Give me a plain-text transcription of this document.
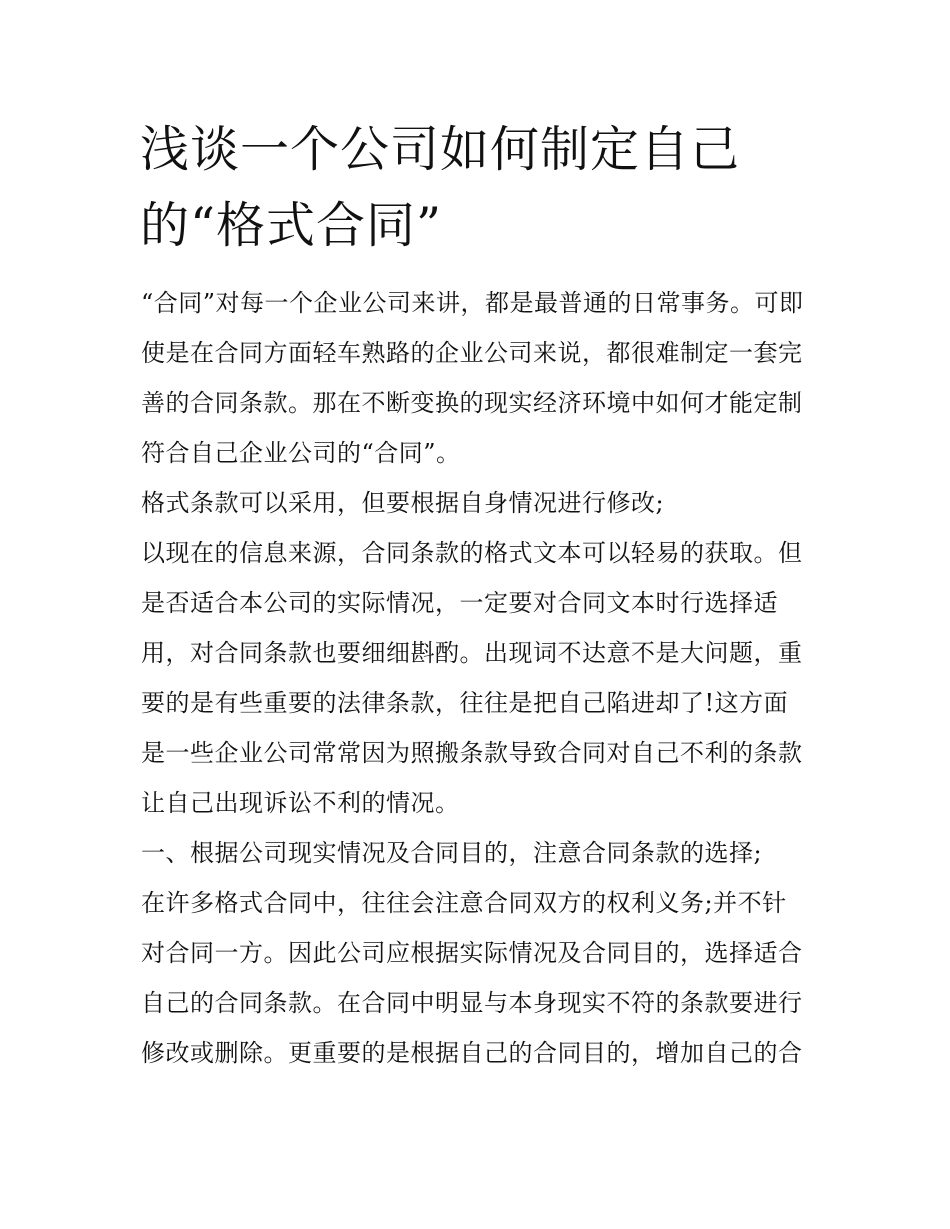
浅谈一个公司如何制定自己
的“格式合同”
“合同”对每一个企业公司来讲，都是最普通的日常事务。可即
使是在合同方面轻车熟路的企业公司来说，都很难制定一套完
善的合同条款。那在不断变换的现实经济环境中如何才能定制
符合自己企业公司的“合同”。
格式条款可以采用，但要根据自身情况进行修改;
以现在的信息来源，合同条款的格式文本可以轻易的获取。但
是否适合本公司的实际情况，一定要对合同文本时行选择适
用，对合同条款也要细细斟酌。出现词不达意不是大问题，重
要的是有些重要的法律条款，往往是把自己陷进却了!这方面
是一些企业公司常常因为照搬条款导致合同对自己不利的条款
让自己出现诉讼不利的情况。
一、根据公司现实情况及合同目的，注意合同条款的选择;
在许多格式合同中，往往会注意合同双方的权利义务;并不针
对合同一方。因此公司应根据实际情况及合同目的，选择适合
自己的合同条款。在合同中明显与本身现实不符的条款要进行
修改或删除。更重要的是根据自己的合同目的，增加自己的合
